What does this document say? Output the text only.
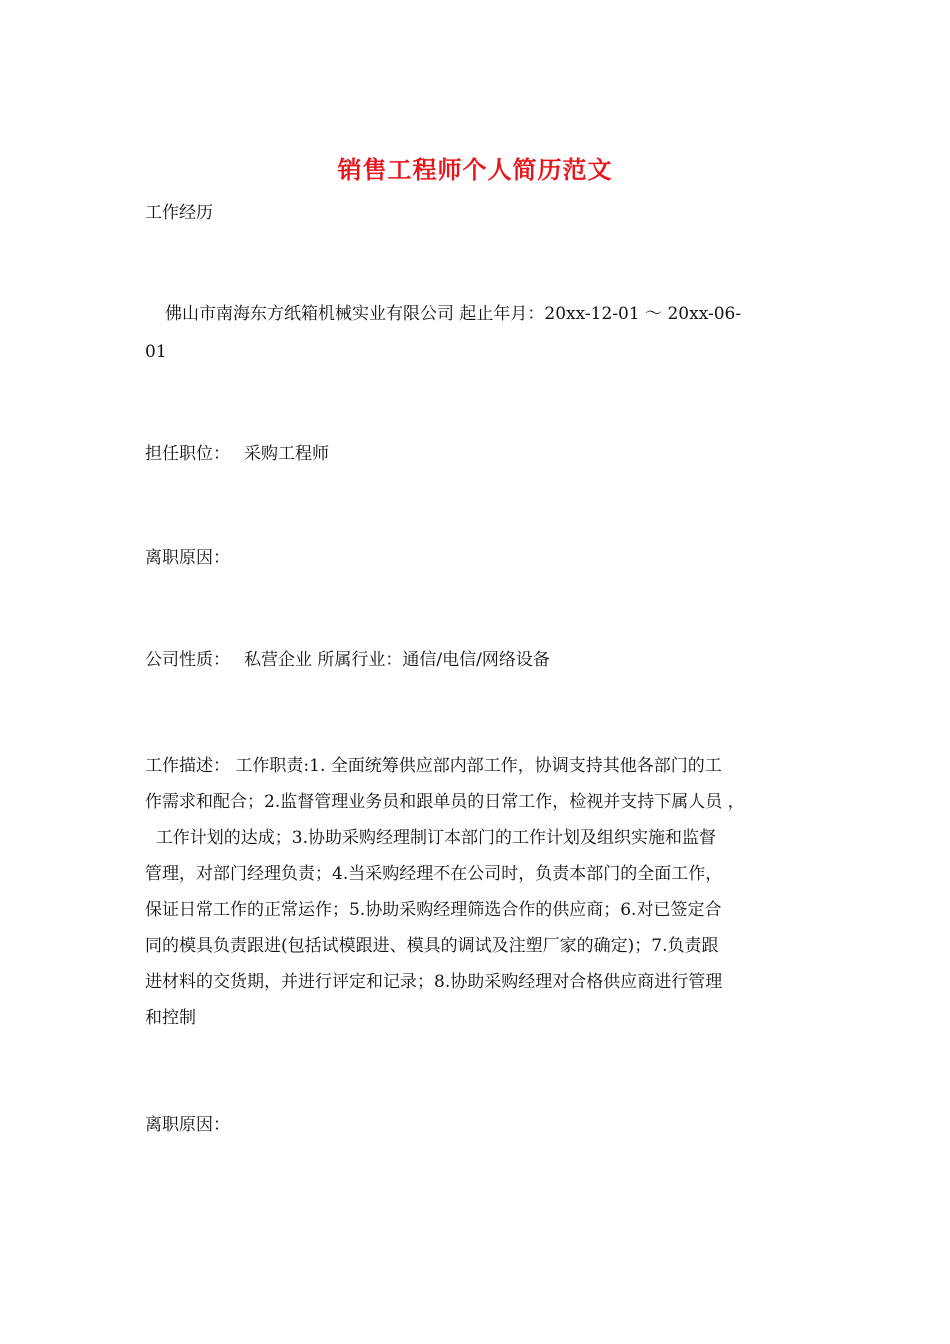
销售工程师个人简历范文
工作经历
佛山市南海东方纸箱机械实业有限公司 起止年月：20xx-12-01 ～ 20xx-06-
01
担任职位： 采购工程师
离职原因：
公司性质： 私营企业 所属行业：通信/电信/网络设备
工作描述： 工作职责:1. 全面统筹供应部内部工作，协调支持其他各部门的工
作需求和配合；2.监督管理业务员和跟单员的日常工作，检视并支持下属人员 ，
工作计划的达成；3.协助采购经理制订本部门的工作计划及组织实施和监督
管理，对部门经理负责；4.当采购经理不在公司时，负责本部门的全面工作，
保证日常工作的正常运作；5.协助采购经理筛选合作的供应商；6.对已签定合
同的模具负责跟进(包括试模跟进、模具的调试及注塑厂家的确定)；7.负责跟
进材料的交货期，并进行评定和记录；8.协助采购经理对合格供应商进行管理
和控制
离职原因：
